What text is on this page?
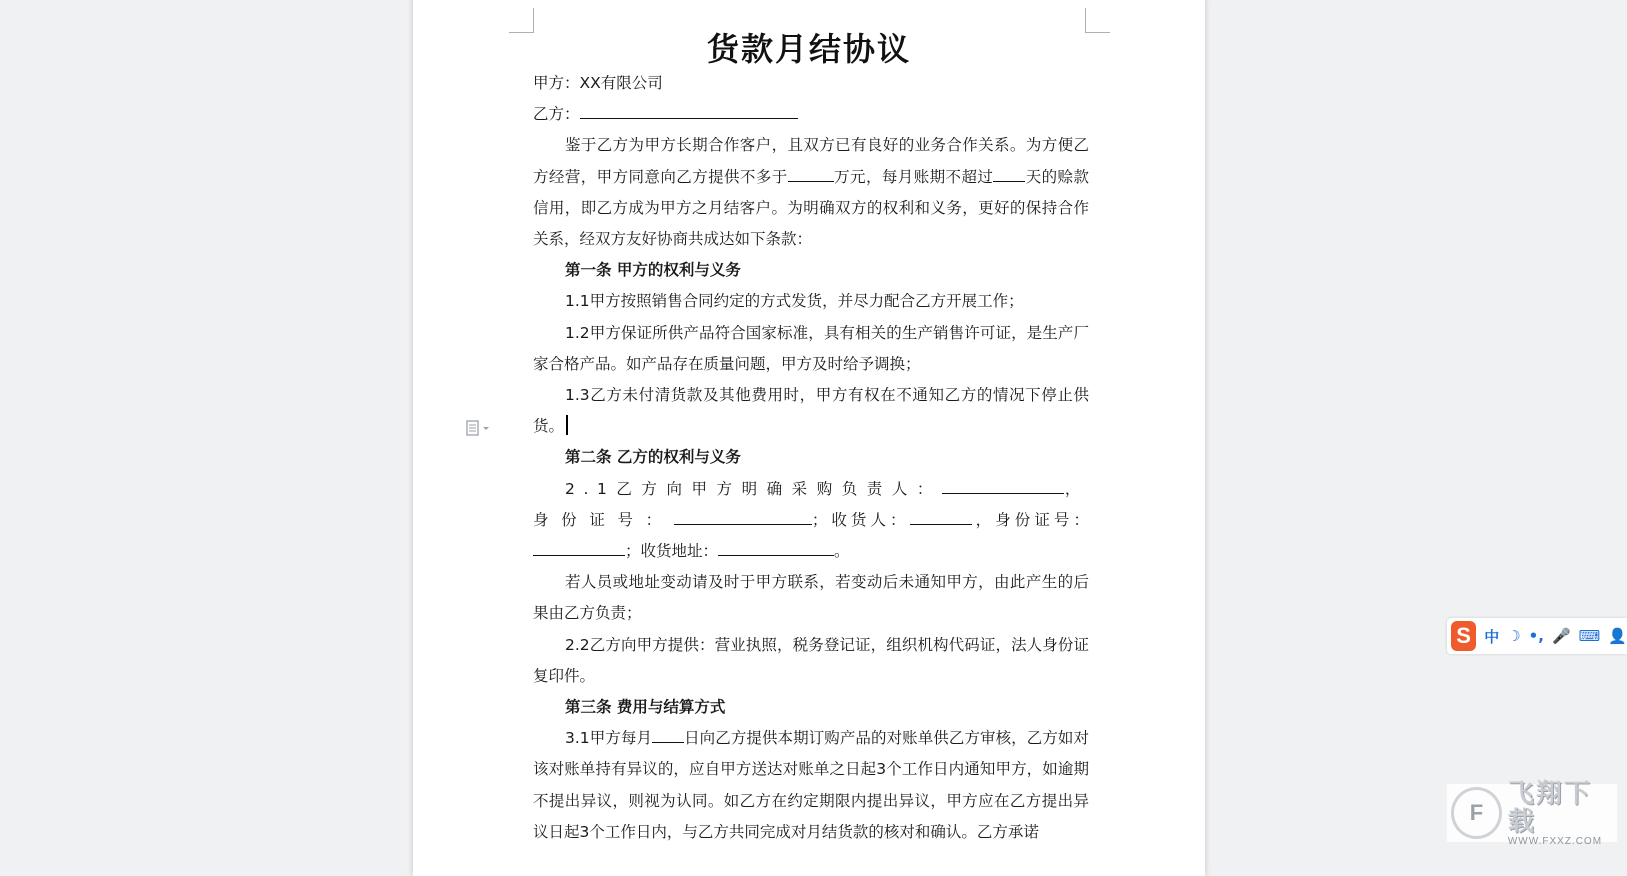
货款月结协议

甲方：XX有限公司

乙方：

鉴于乙方为甲方长期合作客户，且双方已有良好的业务合作关系。为方便乙方经营，甲方同意向乙方提供不多于	万元，每月账期不超过 天的赊款信用，即乙方成为甲方之月结客户。为明确双方的权利和义务，更好的保持合作关系，经双方友好协商共成达如下条款：

第一条 甲方的权利与义务

1.1甲方按照销售合同约定的方式发货，并尽力配合乙方开展工作；

1.2甲方保证所供产品符合国家标准，具有相关的生产销售许可证，是生产厂家合格产品。如产品存在质量问题，甲方及时给予调换；

1.3乙方未付清货款及其他费用时，甲方有权在不通知乙方的情况下停止供货。

第二条 乙方的权利与义务

2.1乙方向甲方明确采购负责人：	，身份证号：	；收货人：	，身份证号：；收货地址：	。

若人员或地址变动请及时于甲方联系，若变动后未通知甲方，由此产生的后果由乙方负责；

2.2乙方向甲方提供：营业执照，税务登记证，组织机构代码证，法人身份证复印件。

第三条 费用与结算方式

3.1甲方每月 日向乙方提供本期订购产品的对账单供乙方审核，乙方如对该对账单持有异议的，应自甲方送达对账单之日起3个工作日内通知甲方，如逾期不提出异议，则视为认同。如乙方在约定期限内提出异议，甲方应在乙方提出异议日起3个工作日内，与乙方共同完成对月结货款的核对和确认。乙方承诺

S 中 ☽ •, 🎤 ⌨ 👤
F
飞翔下载
WWW.FXXZ.COM
